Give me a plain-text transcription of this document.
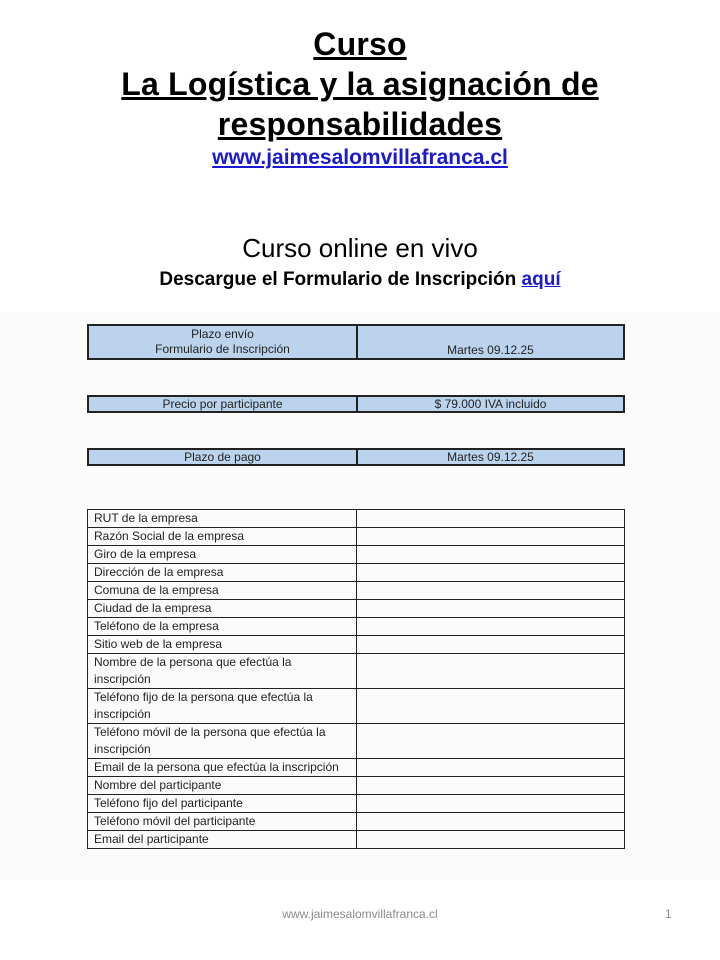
Curso

La Logística y la asignación de

responsabilidades

www.jaimesalomvillafranca.cl
Curso online en vivo

Descargue el Formulario de Inscripción aquí

Plazo envío
Formulario de Inscripción	Martes 09.12.25
Precio por participante	$ 79.000 IVA incluido
Plazo de pago	Martes 09.12.25
RUT de la empresa	
Razón Social de la empresa	
Giro de la empresa	
Dirección de la empresa	
Comuna de la empresa	
Ciudad de la empresa	
Teléfono de la empresa	
Sitio web de la empresa	
Nombre de la persona que efectúa la inscripción	
Teléfono fijo de la persona que efectúa la inscripción	
Teléfono móvil de la persona que efectúa la inscripción	
Email de la persona que efectúa la inscripción	
Nombre del participante	
Teléfono fijo del participante	
Teléfono móvil del participante	
Email del participante	
www.jaimesalomvillafranca.cl	1
